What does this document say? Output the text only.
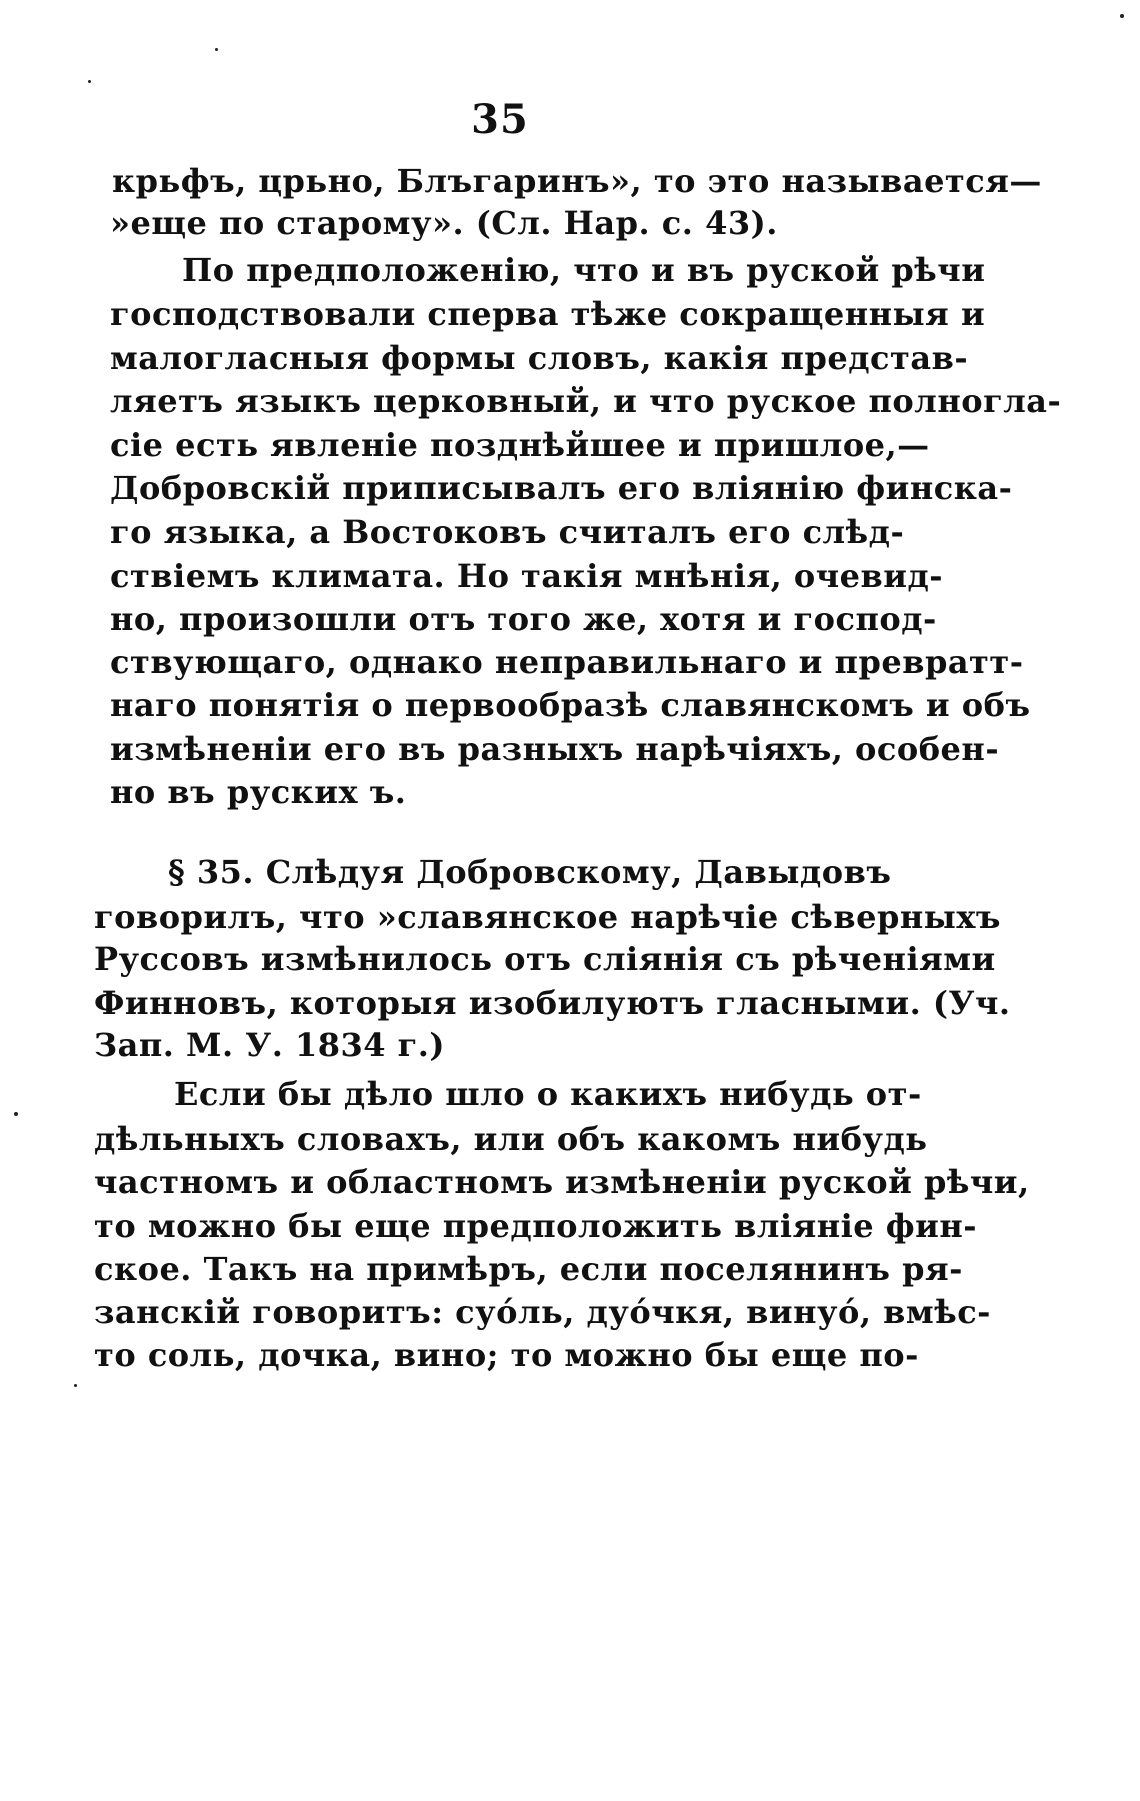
35
крьфъ, црьно, Блъгаринъ», то это называется—
»еще по старому». (Сл. Нар. с. 43).
По предположенію, что и въ руской рѣчи
господствовали сперва тѣже сокращенныя и
малогласныя формы словъ, какія представ-
ляетъ языкъ церковный, и что руское полногла-
сіе есть явленіе позднѣйшее и пришлое,—
Добровскій приписывалъ его вліянію финска-
го языка, а Востоковъ считалъ его слѣд-
ствіемъ климата. Но такія мнѣнія, очевид-
но, произошли отъ того же, хотя и господ-
ствующаго, однако неправильнаго и превратт-
наго понятія о первообразѣ славянскомъ и объ
измѣненіи его въ разныхъ нарѣчіяхъ, особен-
но въ руских ъ.
§ 35. Слѣдуя Добровскому, Давыдовъ
говорилъ, что »славянское нарѣчіе сѣверныхъ
Руссовъ измѣнилось отъ сліянія съ рѣченіями
Финновъ, которыя изобилуютъ гласными. (Уч.
Зап. М. У. 1834 г.)
Если бы дѣло шло о какихъ нибудь от-
дѣльныхъ словахъ, или объ какомъ нибудь
частномъ и областномъ измѣненіи руской рѣчи,
то можно бы еще предположить вліяніе фин-
ское. Такъ на примѣръ, если поселянинъ ря-
занскій говоритъ: суóль, дуóчкя, винуó, вмѣс-
то соль, дочка, вино; то можно бы еще по-
